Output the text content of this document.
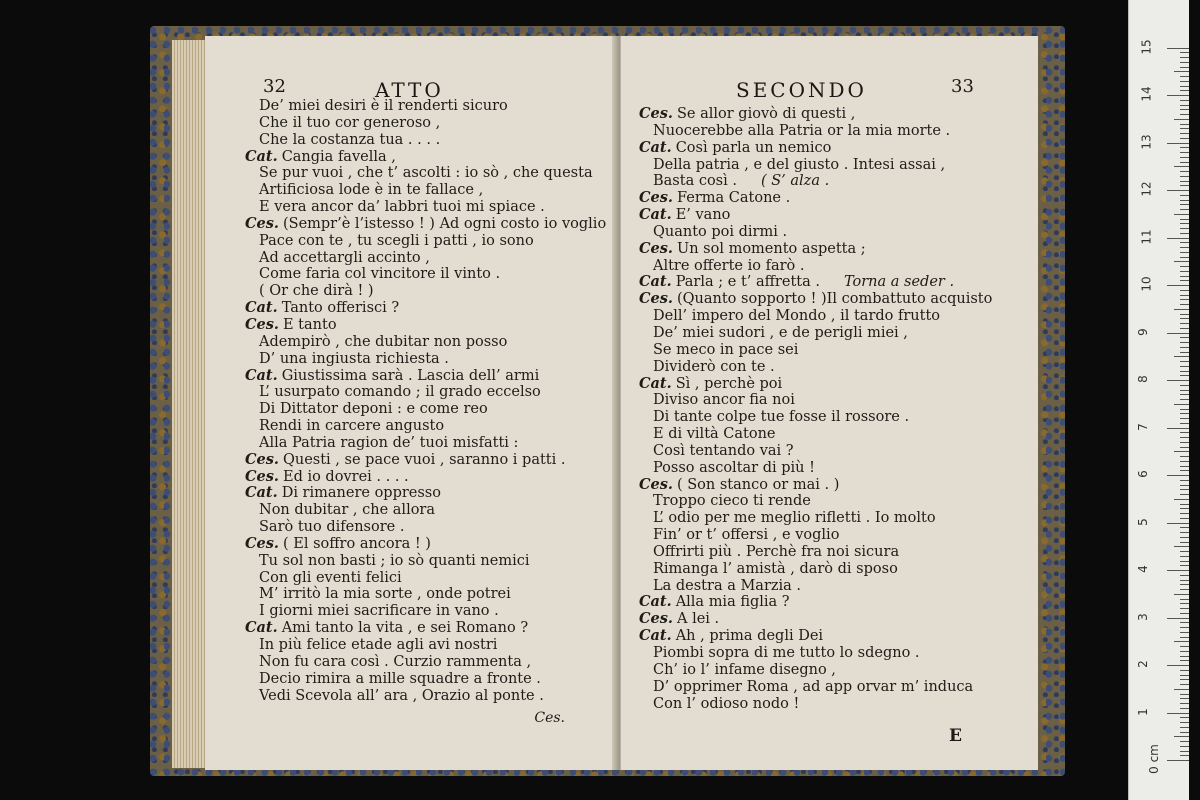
32	ATTO
De’ miei desiri è il renderti sicuro
Che il tuo cor generoso ,
Che la costanza tua . . . .
Cat. Cangia favella ,
Se pur vuoi , che t’ ascolti : io sò , che questa
Artificiosa lode è in te fallace ,
E vera ancor da’ labbri tuoi mi spiace .
Ces. (Sempr’è l’istesso ! ) Ad ogni costo io voglio
Pace con te , tu scegli i patti , io sono
Ad accettargli accinto ,
Come faria col vincitore il vinto .
( Or che dirà ! )
Cat. Tanto offerisci ?
Ces. E tanto
Adempirò , che dubitar non posso
D’ una ingiusta richiesta .
Cat. Giustissima sarà . Lascia dell’ armi
L’ usurpato comando ; il grado eccelso
Di Dittator deponi : e come reo
Rendi in carcere angusto
Alla Patria ragion de’ tuoi misfatti :
Ces. Questi , se pace vuoi , saranno i patti .
Ces. Ed io dovrei . . . .
Cat. Di rimanere oppresso
Non dubitar , che allora
Sarò tuo difensore .
Ces. ( El soffro ancora ! )
Tu sol non basti ; io sò quanti nemici
Con gli eventi felici
M’ irritò la mia sorte , onde potrei
I giorni miei sacrificare in vano .
Cat. Ami tanto la vita , e sei Romano ?
In più felice etade agli avi nostri
Non fu cara così . Curzio rammenta ,
Decio rimira a mille squadre a fronte .
Vedi Scevola all’ ara , Orazio al ponte .
Ces.
SECONDO	33
Ces. Se allor giovò di questi ,
Nuocerebbe alla Patria or la mia morte .
Cat. Così parla un nemico
Della patria , e del giusto . Intesi assai ,
Basta così . ( S’ alza .
Ces. Ferma Catone .
Cat. E’ vano
Quanto poi dirmi .
Ces. Un sol momento aspetta ;
Altre offerte io farò .
Cat. Parla ; e t’ affretta . Torna a seder .
Ces. (Quanto sopporto ! )Il combattuto acquisto
Dell’ impero del Mondo , il tardo frutto
De’ miei sudori , e de perigli miei ,
Se meco in pace sei
Dividerò con te .
Cat. Sì , perchè poi
Diviso ancor fia noi
Di tante colpe tue fosse il rossore .
E di viltà Catone
Così tentando vai ?
Posso ascoltar di più !
Ces. ( Son stanco or mai . )
Troppo cieco ti rende
L’ odio per me meglio rifletti . Io molto
Fin’ or t’ offersi , e voglio
Offrirti più . Perchè fra noi sicura
Rimanga l’ amistà , darò di sposo
La destra a Marzia .
Cat. Alla mia figlia ?
Ces. A lei .
Cat. Ah , prima degli Dei
Piombi sopra di me tutto lo sdegno .
Ch’ io l’ infame disegno ,
D’ opprimer Roma , ad app orvar m’ induca
Con l’ odioso nodo !
E
0 cm
1
2
3
4
5
6
7
8
9
10
11
12
13
14
15
